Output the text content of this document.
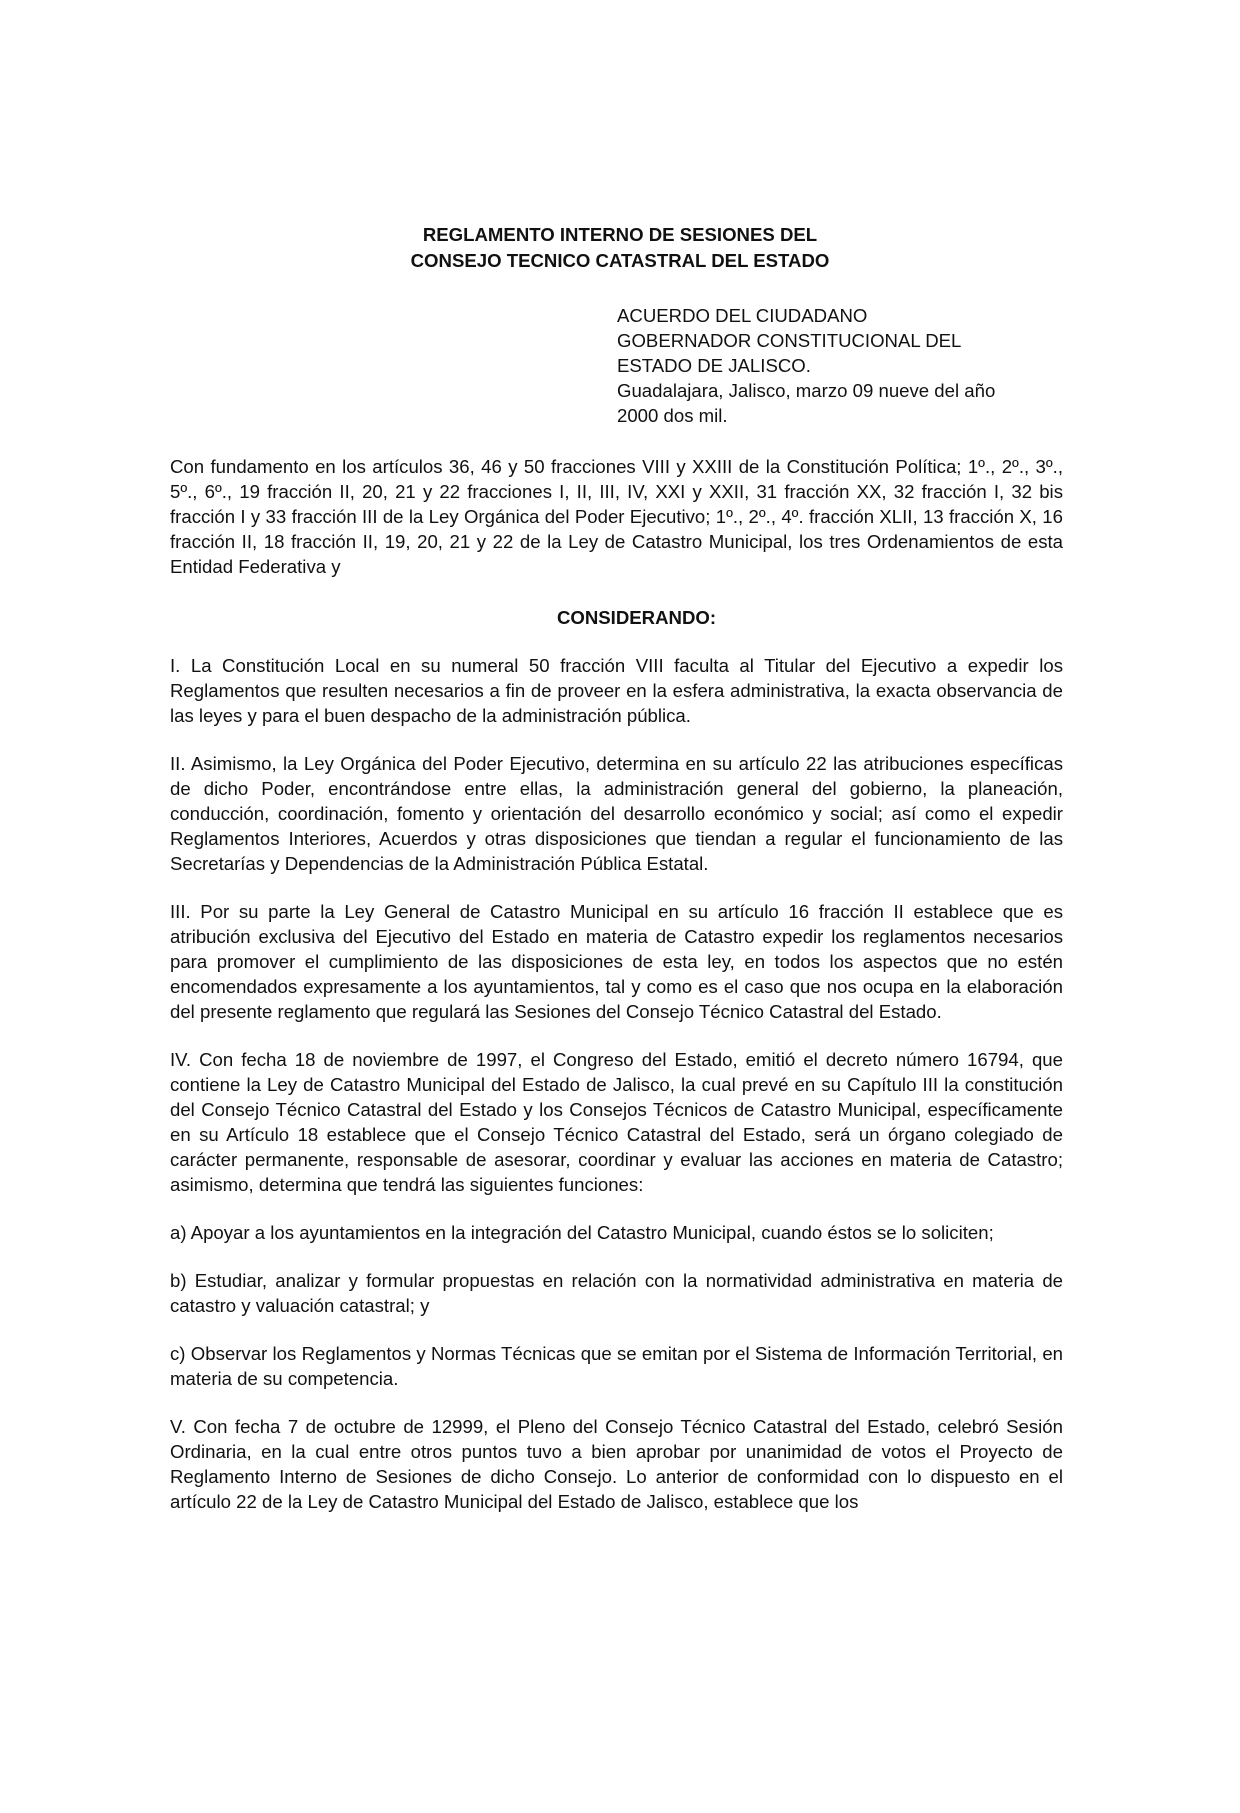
REGLAMENTO INTERNO DE SESIONES DEL

CONSEJO TECNICO CATASTRAL DEL ESTADO

ACUERDO DEL CIUDADANO

GOBERNADOR CONSTITUCIONAL DEL

ESTADO DE JALISCO.

Guadalajara, Jalisco, marzo 09 nueve del año

2000 dos mil.

Con fundamento en los artículos 36, 46 y 50 fracciones VIII y XXIII de la Constitución Política; 1º., 2º., 3º., 5º., 6º., 19 fracción II, 20, 21 y 22 fracciones I, II, III, IV, XXI y XXII, 31 fracción XX, 32 fracción I, 32 bis fracción I y 33 fracción III de la Ley Orgánica del Poder Ejecutivo; 1º., 2º., 4º. fracción XLII, 13 fracción X, 16 fracción II, 18 fracción II, 19, 20, 21 y 22 de la Ley de Catastro Municipal, los tres Ordenamientos de esta Entidad Federativa y

CONSIDERANDO:

I. La Constitución Local en su numeral 50 fracción VIII faculta al Titular del Ejecutivo a expedir los Reglamentos que resulten necesarios a fin de proveer en la esfera administrativa, la exacta observancia de las leyes y para el buen despacho de la administración pública.

II. Asimismo, la Ley Orgánica del Poder Ejecutivo, determina en su artículo 22 las atribuciones específicas de dicho Poder, encontrándose entre ellas, la administración general del gobierno, la planeación, conducción, coordinación, fomento y orientación del desarrollo económico y social; así como el expedir Reglamentos Interiores, Acuerdos y otras disposiciones que tiendan a regular el funcionamiento de las Secretarías y Dependencias de la Administración Pública Estatal.

III. Por su parte la Ley General de Catastro Municipal en su artículo 16 fracción II establece que es atribución exclusiva del Ejecutivo del Estado en materia de Catastro expedir los reglamentos necesarios para promover el cumplimiento de las disposiciones de esta ley, en todos los aspectos que no estén encomendados expresamente a los ayuntamientos, tal y como es el caso que nos ocupa en la elaboración del presente reglamento que regulará las Sesiones del Consejo Técnico Catastral del Estado.

IV. Con fecha 18 de noviembre de 1997, el Congreso del Estado, emitió el decreto número 16794, que contiene la Ley de Catastro Municipal del Estado de Jalisco, la cual prevé en su Capítulo III la constitución del Consejo Técnico Catastral del Estado y los Consejos Técnicos de Catastro Municipal, específicamente en su Artículo 18 establece que el Consejo Técnico Catastral del Estado, será un órgano colegiado de carácter permanente, responsable de asesorar, coordinar y evaluar las acciones en materia de Catastro; asimismo, determina que tendrá las siguientes funciones:

a) Apoyar a los ayuntamientos en la integración del Catastro Municipal, cuando éstos se lo soliciten;

b) Estudiar, analizar y formular propuestas en relación con la normatividad administrativa en materia de catastro y valuación catastral; y

c) Observar los Reglamentos y Normas Técnicas que se emitan por el Sistema de Información Territorial, en materia de su competencia.

V. Con fecha 7 de octubre de 12999, el Pleno del Consejo Técnico Catastral del Estado, celebró Sesión Ordinaria, en la cual entre otros puntos tuvo a bien aprobar por unanimidad de votos el Proyecto de Reglamento Interno de Sesiones de dicho Consejo. Lo anterior de conformidad con lo dispuesto en el artículo 22 de la Ley de Catastro Municipal del Estado de Jalisco, establece que los
